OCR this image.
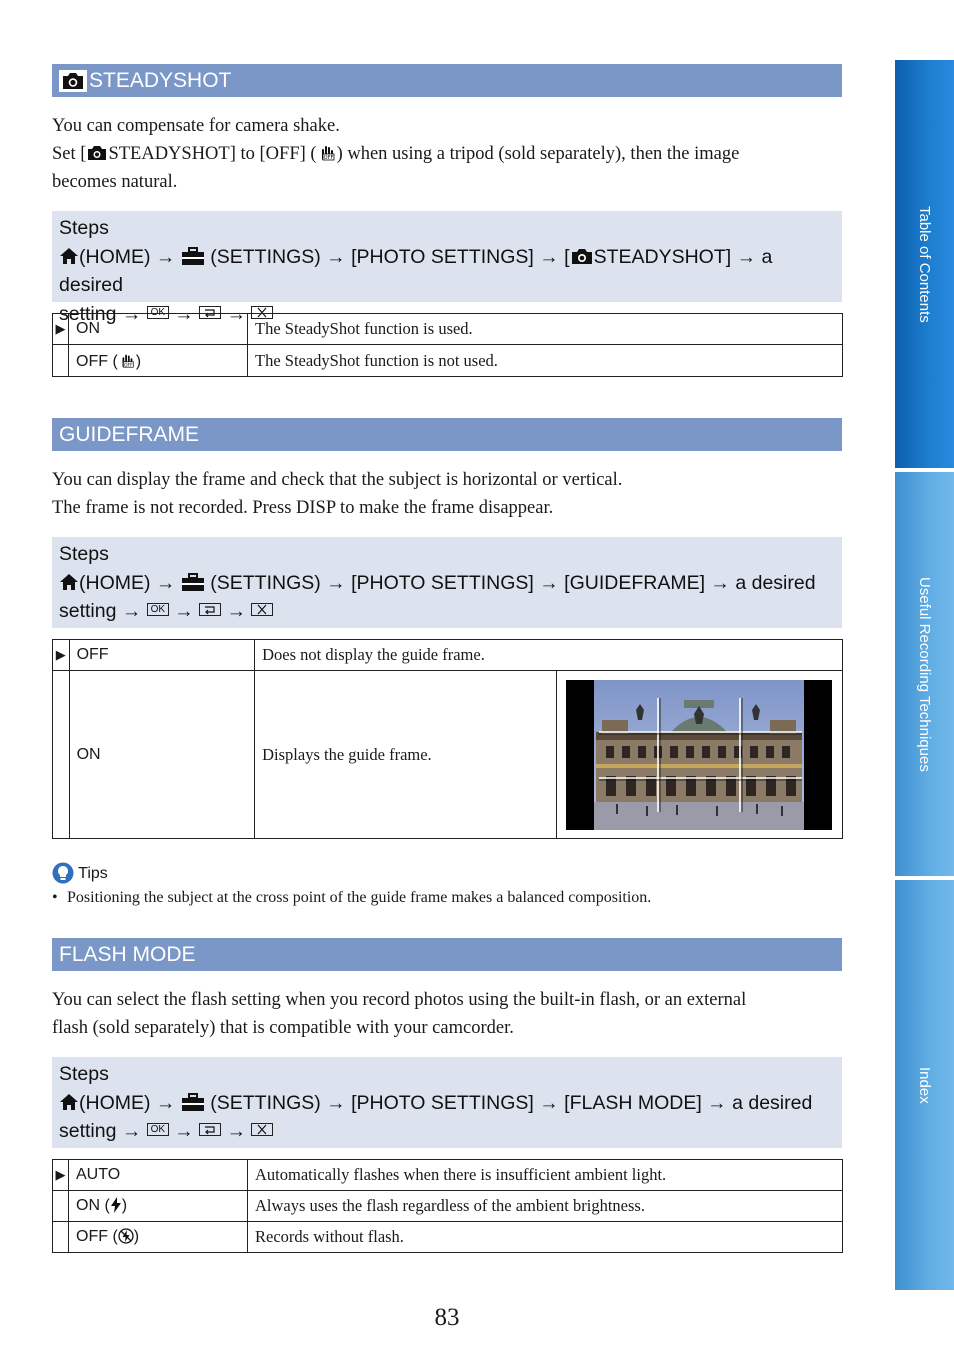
Table of Contents
Useful Recording Techniques
Index
STEADYSHOT
You can compensate for camera shake.
Set [ STEADYSHOT] to [OFF] ( OFF ) when using a tripod (sold separately), then the image
becomes natural.
Steps
(HOME) →  (SETTINGS) → [PHOTO SETTINGS] → [ STEADYSHOT] → a desired
setting → OK → →
▶	ON	The SteadyShot function is used.
	OFF ( OFF )	The SteadyShot function is not used.
GUIDEFRAME
You can display the frame and check that the subject is horizontal or vertical.
The frame is not recorded. Press DISP to make the frame disappear.
Steps
(HOME) →  (SETTINGS) → [PHOTO SETTINGS] → [GUIDEFRAME] → a desired
setting → OK → →
▶	OFF	Does not display the guide frame.	
	ON	Displays the guide frame.	
Tips
• Positioning the subject at the cross point of the guide frame makes a balanced composition.
FLASH MODE
You can select the flash setting when you record photos using the built-in flash, or an external
flash (sold separately) that is compatible with your camcorder.
Steps
(HOME) →  (SETTINGS) → [PHOTO SETTINGS] → [FLASH MODE] → a desired
setting → OK → →
▶	AUTO	Automatically flashes when there is insufficient ambient light.
	ON ( )	Always uses the flash regardless of the ambient brightness.
	OFF ( )	Records without flash.
83
